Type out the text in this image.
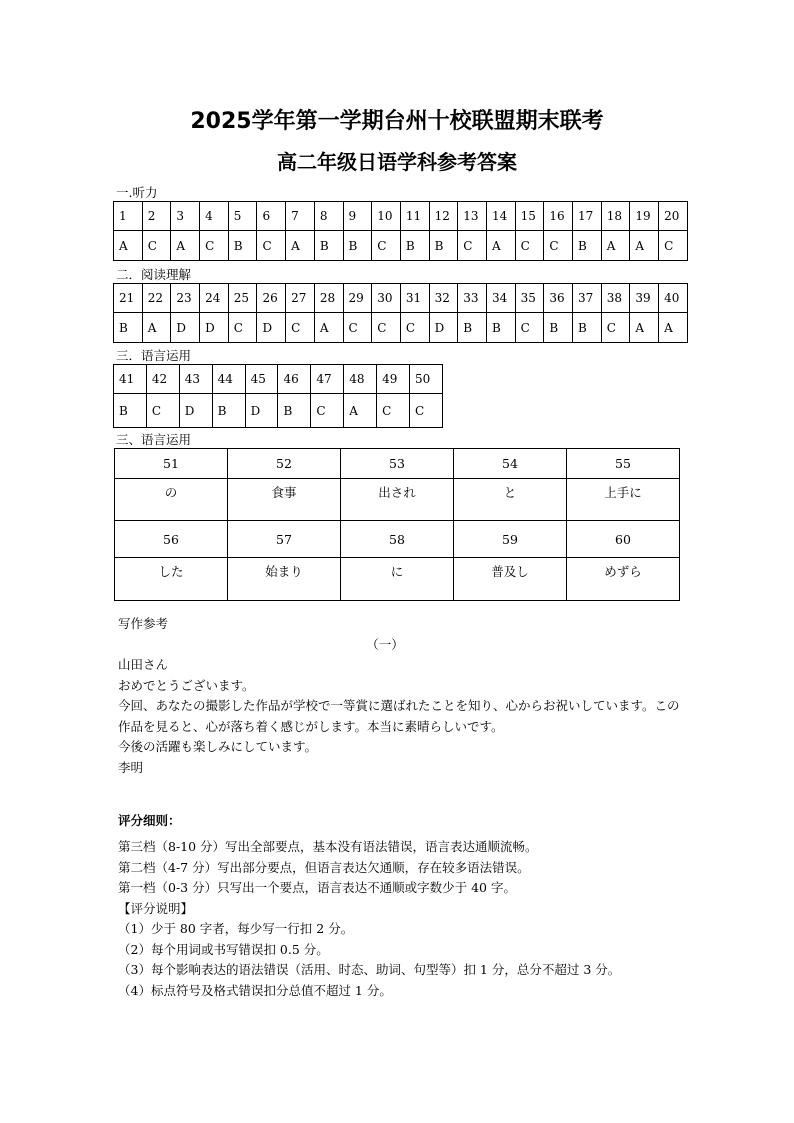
2025学年第一学期台州十校联盟期末联考
高二年级日语学科参考答案
一.听力
1	2	3	4	5	6	7	8	9	10	11	12	13	14	15	16	17	18	19	20
A	C	A	C	B	C	A	B	B	C	B	B	C	A	C	C	B	A	A	C
二．阅读理解
21	22	23	24	25	26	27	28	29	30	31	32	33	34	35	36	37	38	39	40
B	A	D	D	C	D	C	A	C	C	C	D	B	B	C	B	B	C	A	A
三．语言运用
41	42	43	44	45	46	47	48	49	50
B	C	D	B	D	B	C	A	C	C
三、语言运用
51	52	53	54	55
の	食事	出され	と	上手に
56	57	58	59	60
した	始まり	に	普及し	めずら
写作参考
（一）
山田さん
おめでとうございます。
今回、あなたの撮影した作品が学校で一等賞に選ばれたことを知り、心からお祝いしています。この作品を見ると、心が落ち着く感じがします。本当に素晴らしいです。
今後の活躍も楽しみにしています。
李明
评分细则：
第三档（8-10 分）写出全部要点，基本没有语法错误，语言表达通顺流畅。
第二档（4-7 分）写出部分要点，但语言表达欠通顺，存在较多语法错误。
第一档（0-3 分）只写出一个要点，语言表达不通顺或字数少于 40 字。
【评分说明】
（1）少于 80 字者，每少写一行扣 2 分。
（2）每个用词或书写错误扣 0.5 分。
（3）每个影响表达的语法错误（活用、时态、助词、句型等）扣 1 分，总分不超过 3 分。
（4）标点符号及格式错误扣分总值不超过 1 分。
